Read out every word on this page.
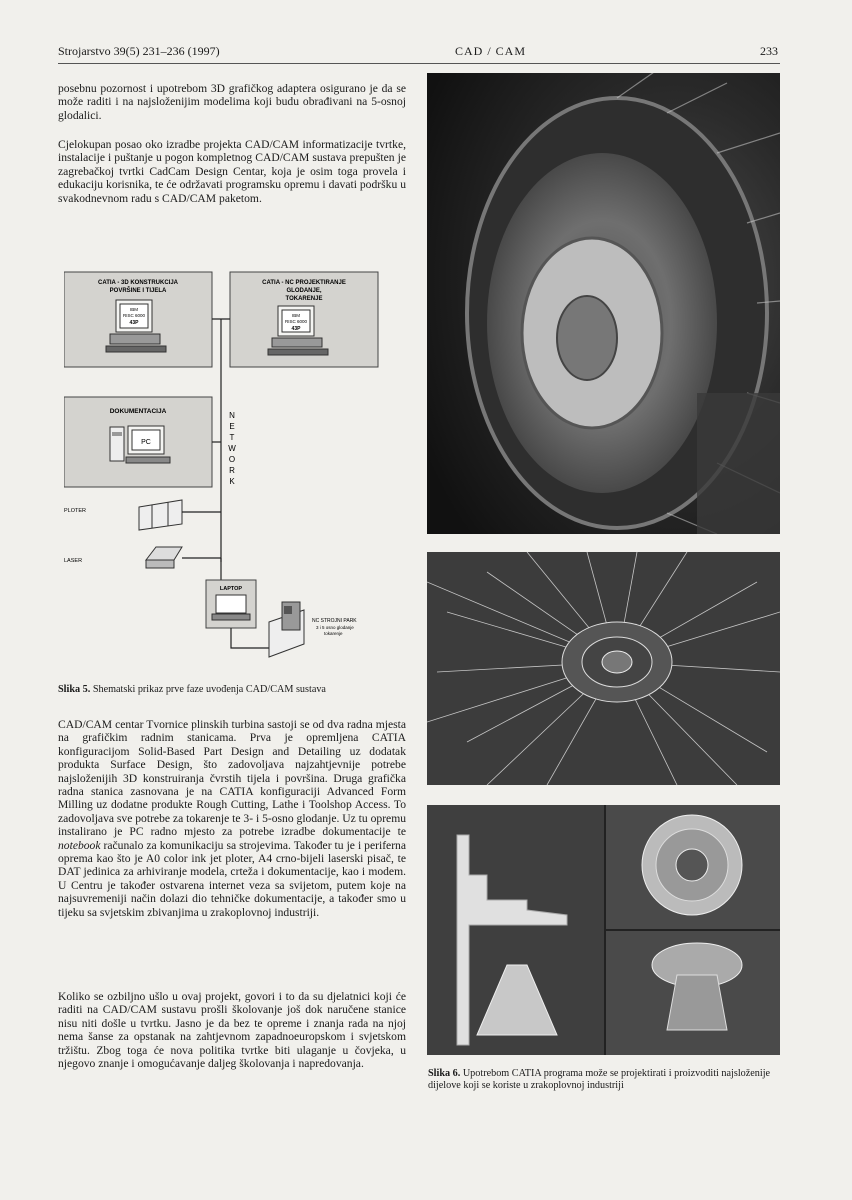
Strojarstvo 39(5) 231–236 (1997)	CAD / CAM	233

posebnu pozornost i upotrebom 3D grafičkog adaptera osigurano je da se može raditi i na najsloženijim modelima koji budu obrađivani na 5-osnoj glodalici.

Cjelokupan posao oko izradbe projekta CAD/CAM informatizacije tvrtke, instalacije i puštanje u pogon kompletnog CAD/CAM sustava prepušten je zagrebačkoj tvrtki CadCam Design Centar, koja je osim toga provela i edukaciju korisnika, te će održavati programsku opremu i davati podršku u svakodnevnom radu s CAD/CAM paketom.

CATIA - 3D KONSTRUKCIJA
POVRŠINE I TIJELA
IBM
RISC 6000
43P
CATIA - NC PROJEKTIRANJE
GLODANJE,
TOKARENJE
IBM
RISC 6000
43P
DOKUMENTACIJA
PC
N
E
T
W
O
R
K
PLOTER
LASER
LAPTOP
NC STROJNI PARK
3 i 5 osno glodanje
tokarenje
Slika 5. Shematski prikaz prve faze uvođenja CAD/CAM sustava

CAD/CAM centar Tvornice plinskih turbina sastoji se od dva radna mjesta na grafičkim radnim stanicama. Prva je opremljena CATIA konfiguracijom Solid-Based Part Design and Detailing uz dodatak produkta Surface Design, što zadovoljava najzahtjevnije potrebe najsloženijih 3D konstruiranja čvrstih tijela i površina. Druga grafička radna stanica zasnovana je na CATIA konfiguraciji Advanced Form Milling uz dodatne produkte Rough Cutting, Lathe i Toolshop Access. To zadovoljava sve potrebe za tokarenje te 3- i 5-osno glodanje. Uz tu opremu instalirano je PC radno mjesto za potrebe izradbe dokumentacije te notebook računalo za komunikaciju sa strojevima. Također tu je i periferna oprema kao što je A0 color ink jet ploter, A4 crno-bijeli laserski pisač, te DAT jedinica za arhiviranje modela, crteža i dokumentacije, kao i modem. U Centru je također ostvarena internet veza sa svijetom, putem koje na najsuvremeniji način dolazi dio tehničke dokumentacije, a također smo u tijeku sa svjetskim zbivanjima u zrakoplovnoj industriji.

Koliko se ozbiljno ušlo u ovaj projekt, govori i to da su djelatnici koji će raditi na CAD/CAM sustavu prošli školovanje još dok naručene stanice nisu niti došle u tvrtku. Jasno je da bez te opreme i znanja rada na njoj nema šanse za opstanak na zahtjevnom zapadnoeuropskom i svjetskom tržištu. Zbog toga će nova politika tvrtke biti ulaganje u čovjeka, u njegovo znanje i omogućavanje daljeg školovanja i napredovanja.

Slika 6. Upotrebom CATIA programa može se projektirati i proizvoditi najsloženije dijelove koji se koriste u zrakoplovnoj industriji
